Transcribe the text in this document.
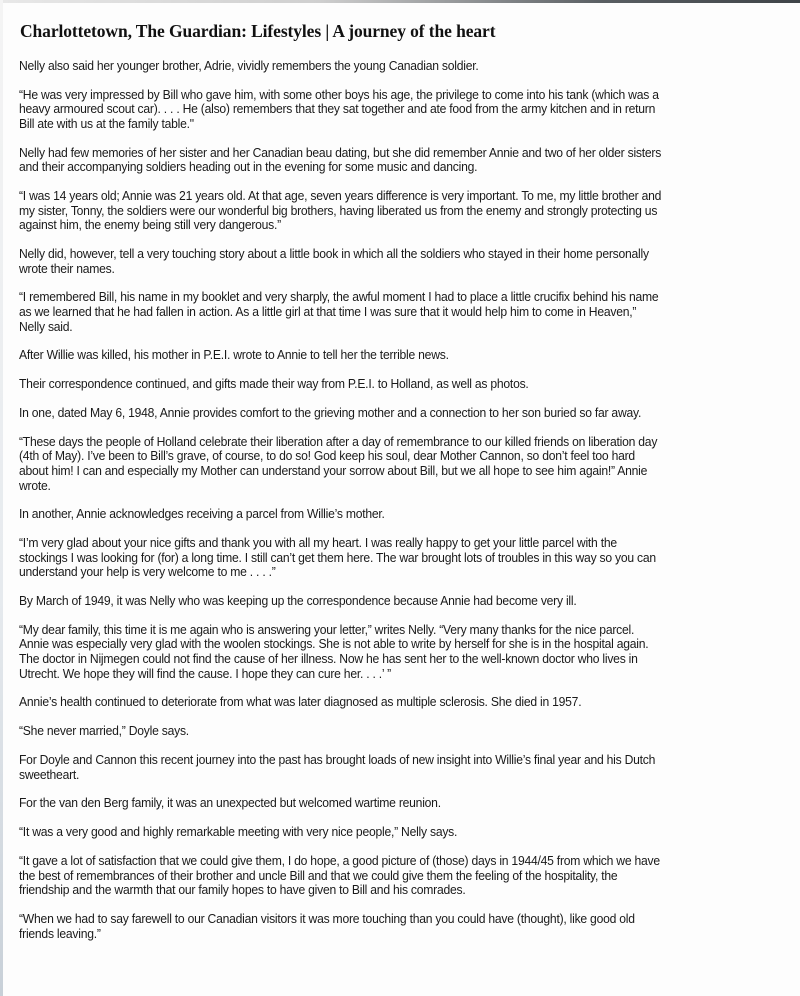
Charlottetown, The Guardian: Lifestyles | A journey of the heart

Nelly also said her younger brother, Adrie, vividly remembers the young Canadian soldier.

“He was very impressed by Bill who gave him, with some other boys his age, the privilege to come into his tank (which was a
heavy armoured scout car). . . . He (also) remembers that they sat together and ate food from the army kitchen and in return
Bill ate with us at the family table."

Nelly had few memories of her sister and her Canadian beau dating, but she did remember Annie and two of her older sisters
and their accompanying soldiers heading out in the evening for some music and dancing.

“I was 14 years old; Annie was 21 years old. At that age, seven years difference is very important. To me, my little brother and
my sister, Tonny, the soldiers were our wonderful big brothers, having liberated us from the enemy and strongly protecting us
against him, the enemy being still very dangerous.”

Nelly did, however, tell a very touching story about a little book in which all the soldiers who stayed in their home personally
wrote their names.

“I remembered Bill, his name in my booklet and very sharply, the awful moment I had to place a little crucifix behind his name
as we learned that he had fallen in action. As a little girl at that time I was sure that it would help him to come in Heaven,”
Nelly said.

After Willie was killed, his mother in P.E.I. wrote to Annie to tell her the terrible news.

Their correspondence continued, and gifts made their way from P.E.I. to Holland, as well as photos.

In one, dated May 6, 1948, Annie provides comfort to the grieving mother and a connection to her son buried so far away.

“These days the people of Holland celebrate their liberation after a day of remembrance to our killed friends on liberation day
(4th of May). I’ve been to Bill’s grave, of course, to do so! God keep his soul, dear Mother Cannon, so don’t feel too hard
about him! I can and especially my Mother can understand your sorrow about Bill, but we all hope to see him again!” Annie
wrote.

In another, Annie acknowledges receiving a parcel from Willie’s mother.

“I’m very glad about your nice gifts and thank you with all my heart. I was really happy to get your little parcel with the
stockings I was looking for (for) a long time. I still can’t get them here. The war brought lots of troubles in this way so you can
understand your help is very welcome to me . . . .”

By March of 1949, it was Nelly who was keeping up the correspondence because Annie had become very ill.

“My dear family, this time it is me again who is answering your letter,” writes Nelly. “Very many thanks for the nice parcel.
Annie was especially very glad with the woolen stockings. She is not able to write by herself for she is in the hospital again.
The doctor in Nijmegen could not find the cause of her illness. Now he has sent her to the well-known doctor who lives in
Utrecht. We hope they will find the cause. I hope they can cure her. . . .’ ”

Annie’s health continued to deteriorate from what was later diagnosed as multiple sclerosis. She died in 1957.

“She never married,” Doyle says.

For Doyle and Cannon this recent journey into the past has brought loads of new insight into Willie’s final year and his Dutch
sweetheart.

For the van den Berg family, it was an unexpected but welcomed wartime reunion.

“It was a very good and highly remarkable meeting with very nice people,” Nelly says.

“It gave a lot of satisfaction that we could give them, I do hope, a good picture of (those) days in 1944/45 from which we have
the best of remembrances of their brother and uncle Bill and that we could give them the feeling of the hospitality, the
friendship and the warmth that our family hopes to have given to Bill and his comrades.

“When we had to say farewell to our Canadian visitors it was more touching than you could have (thought), like good old
friends leaving.”
